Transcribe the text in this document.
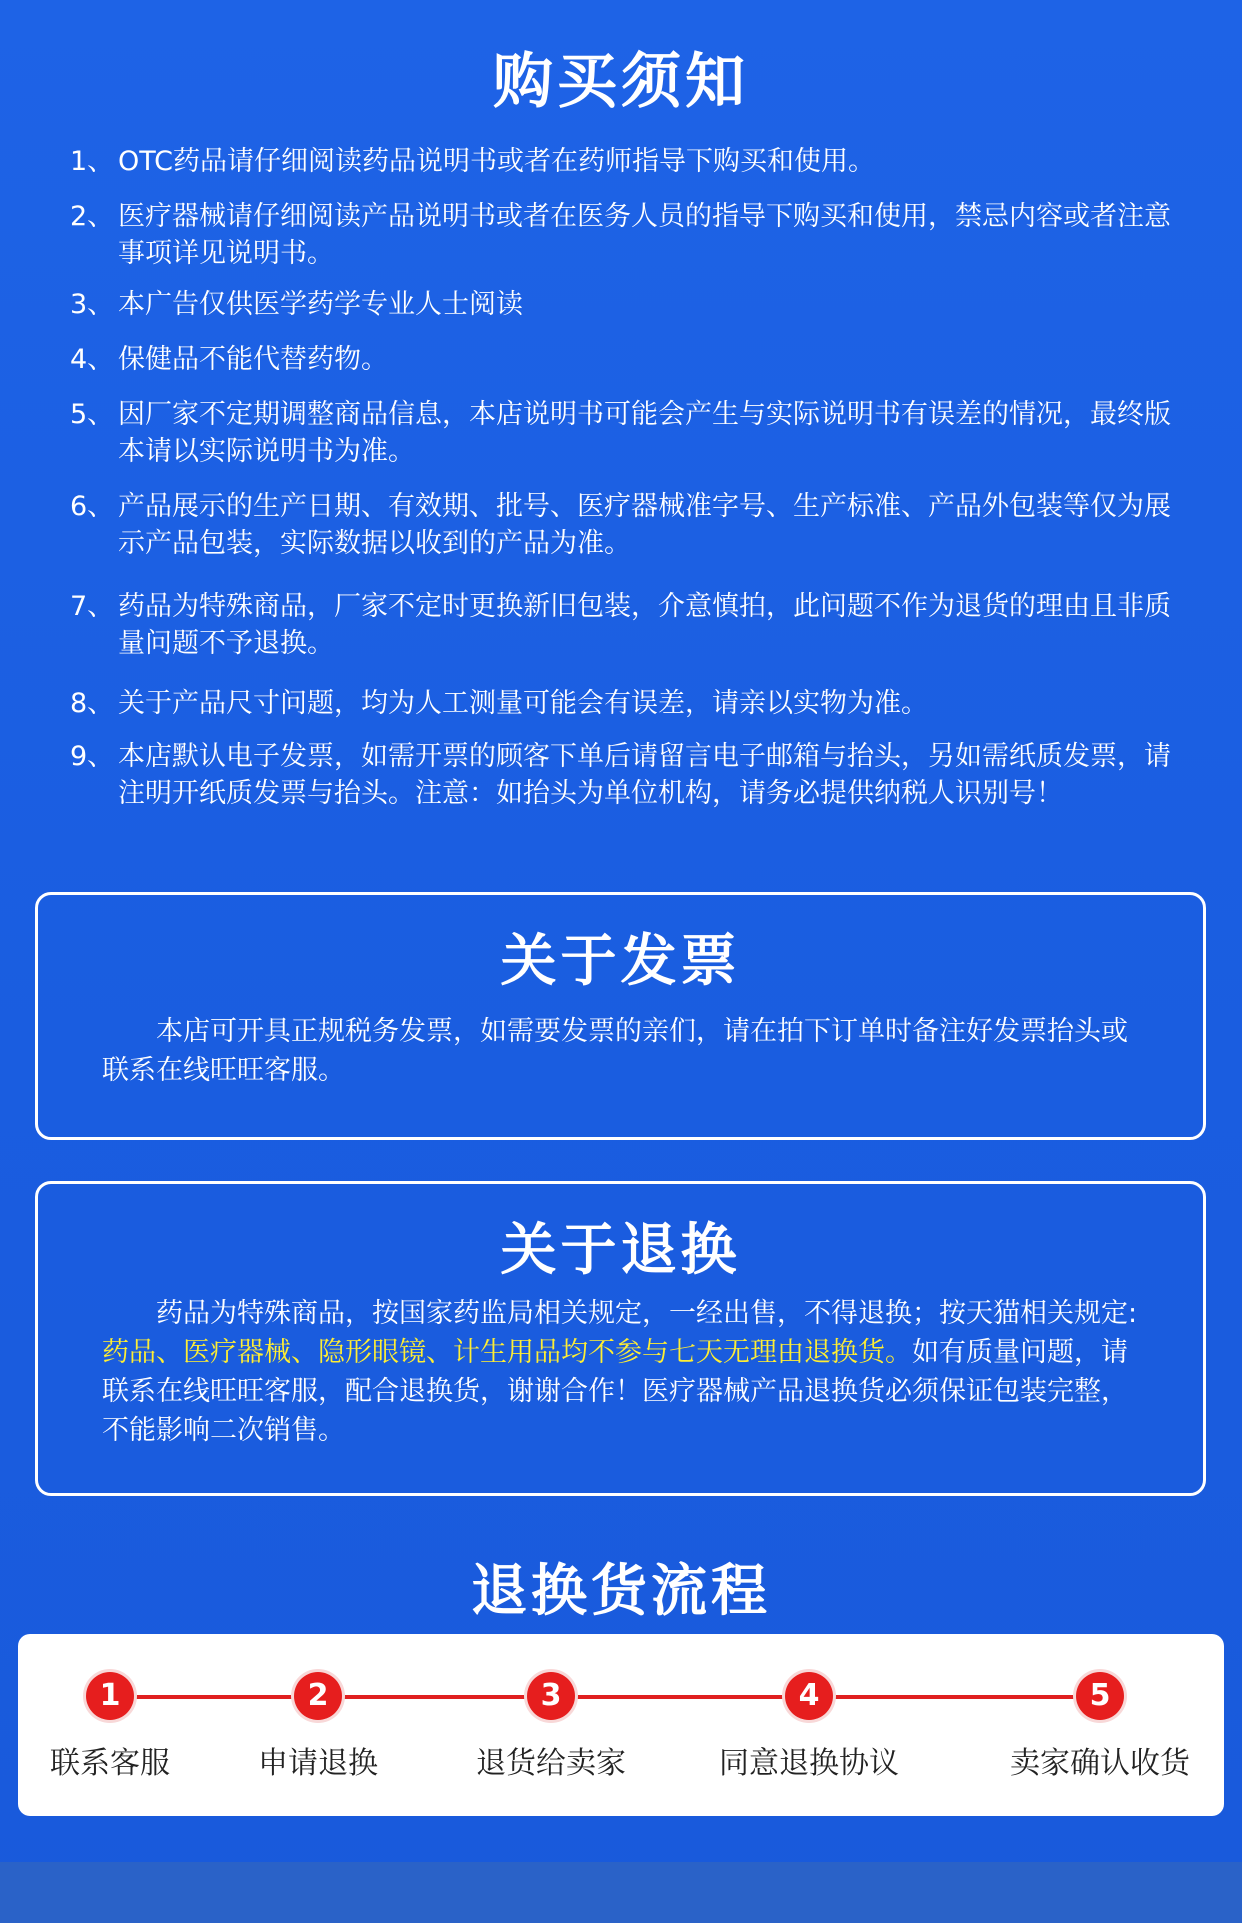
购买须知
1、 OTC药品请仔细阅读药品说明书或者在药师指导下购买和使用。
2、 医疗器械请仔细阅读产品说明书或者在医务人员的指导下购买和使用，禁忌内容或者注意事项详见说明书。
3、 本广告仅供医学药学专业人士阅读
4、 保健品不能代替药物。
5、 因厂家不定期调整商品信息，本店说明书可能会产生与实际说明书有误差的情况，最终版本请以实际说明书为准。
6、 产品展示的生产日期、有效期、批号、医疗器械准字号、生产标准、产品外包装等仅为展示产品包装，实际数据以收到的产品为准。
7、 药品为特殊商品，厂家不定时更换新旧包装，介意慎拍，此问题不作为退货的理由且非质量问题不予退换。
8、 关于产品尺寸问题，均为人工测量可能会有误差，请亲以实物为准。
9、 本店默认电子发票，如需开票的顾客下单后请留言电子邮箱与抬头，另如需纸质发票，请注明开纸质发票与抬头。注意：如抬头为单位机构，请务必提供纳税人识别号！
关于发票

本店可开具正规税务发票，如需要发票的亲们，请在拍下订单时备注好发票抬头或联系在线旺旺客服。

关于退换

药品为特殊商品，按国家药监局相关规定，一经出售，不得退换；按天猫相关规定:药品、医疗器械、隐形眼镜、计生用品均不参与七天无理由退换货。如有质量问题，请联系在线旺旺客服，配合退换货，谢谢合作！医疗器械产品退换货必须保证包装完整，不能影响二次销售。

退换货流程
1
联系客服
2
申请退换
3
退货给卖家
4
同意退换协议
5
卖家确认收货
